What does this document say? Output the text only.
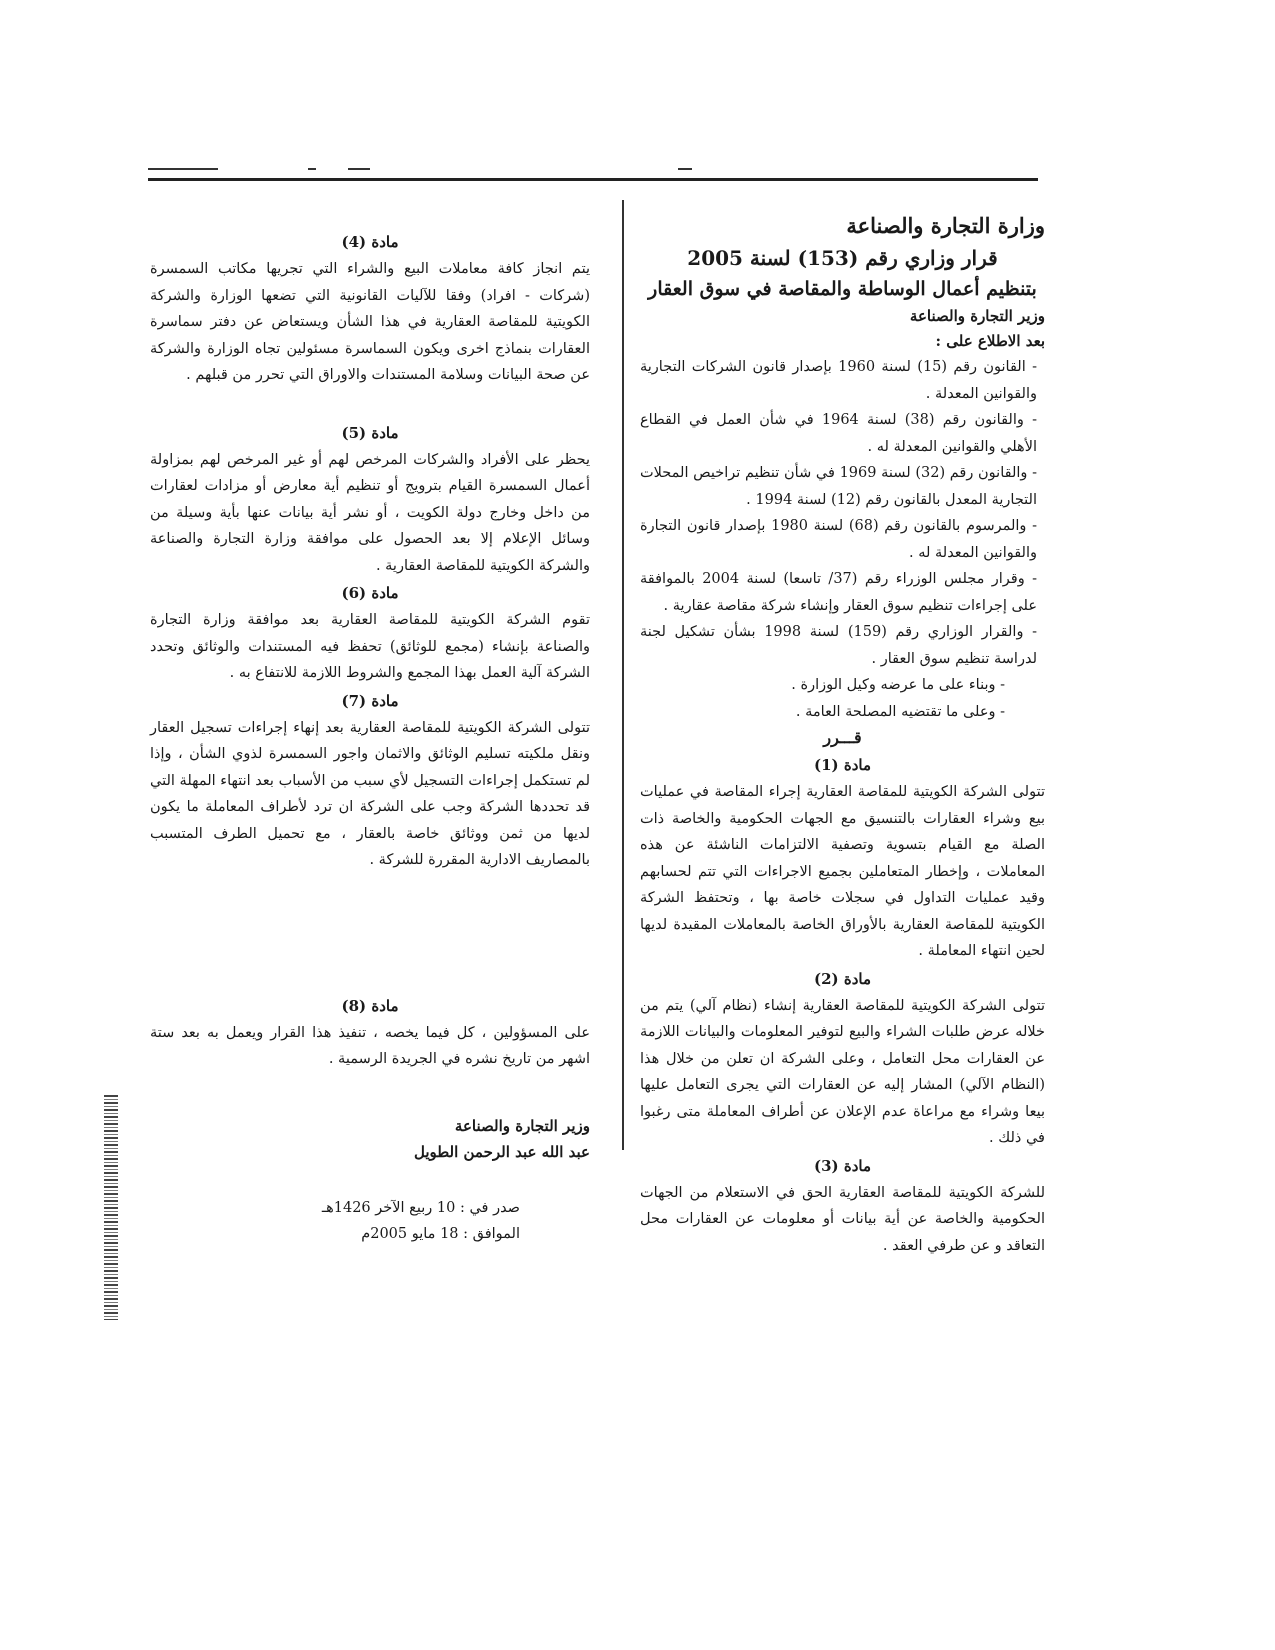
وزارة التجارة والصناعة
قرار وزاري رقم (153) لسنة 2005
بتنظيم أعمال الوساطة والمقاصة في سوق العقار
وزير التجارة والصناعة
بعد الاطلاع على :

- القانون رقم (15) لسنة 1960 بإصدار قانون الشركات التجارية والقوانين المعدلة .

- والقانون رقم (38) لسنة 1964 في شأن العمل في القطاع الأهلي والقوانين المعدلة له .

- والقانون رقم (32) لسنة 1969 في شأن تنظيم تراخيص المحلات التجارية المعدل بالقانون رقم (12) لسنة 1994 .

- والمرسوم بالقانون رقم (68) لسنة 1980 بإصدار قانون التجارة والقوانين المعدلة له .

- وقرار مجلس الوزراء رقم (37/ تاسعا) لسنة 2004 بالموافقة على إجراءات تنظيم سوق العقار وإنشاء شركة مقاصة عقارية .

- والقرار الوزاري رقم (159) لسنة 1998 بشأن تشكيل لجنة لدراسة تنظيم سوق العقار .

- وبناء على ما عرضه وكيل الوزارة .

- وعلى ما تقتضيه المصلحة العامة .

قـــرر
مادة (1)

تتولى الشركة الكويتية للمقاصة العقارية إجراء المقاصة في عمليات بيع وشراء العقارات بالتنسيق مع الجهات الحكومية والخاصة ذات الصلة مع القيام بتسوية وتصفية الالتزامات الناشئة عن هذه المعاملات ، وإخطار المتعاملين بجميع الاجراءات التي تتم لحسابهم وقيد عمليات التداول في سجلات خاصة بها ، وتحتفظ الشركة الكويتية للمقاصة العقارية بالأوراق الخاصة بالمعاملات المقيدة لديها لحين انتهاء المعاملة .

مادة (2)

تتولى الشركة الكويتية للمقاصة العقارية إنشاء (نظام آلي) يتم من خلاله عرض طلبات الشراء والبيع لتوفير المعلومات والبيانات اللازمة عن العقارات محل التعامل ، وعلى الشركة ان تعلن من خلال هذا (النظام الآلي) المشار إليه عن العقارات التي يجرى التعامل عليها بيعا وشراء مع مراعاة عدم الإعلان عن أطراف المعاملة متى رغبوا في ذلك .

مادة (3)

للشركة الكويتية للمقاصة العقارية الحق في الاستعلام من الجهات الحكومية والخاصة عن أية بيانات أو معلومات عن العقارات محل التعاقد و عن طرفي العقد .

مادة (4)

يتم انجاز كافة معاملات البيع والشراء التي تجريها مكاتب السمسرة (شركات - افراد) وفقا للآليات القانونية التي تضعها الوزارة والشركة الكويتية للمقاصة العقارية في هذا الشأن ويستعاض عن دفتر سماسرة العقارات بنماذج اخرى ويكون السماسرة مسئولين تجاه الوزارة والشركة عن صحة البيانات وسلامة المستندات والاوراق التي تحرر من قبلهم .

مادة (5)

يحظر على الأفراد والشركات المرخص لهم أو غير المرخص لهم بمزاولة أعمال السمسرة القيام بترويج أو تنظيم أية معارض أو مزادات لعقارات من داخل وخارج دولة الكويت ، أو نشر أية بيانات عنها بأية وسيلة من وسائل الإعلام إلا بعد الحصول على موافقة وزارة التجارة والصناعة والشركة الكويتية للمقاصة العقارية .

مادة (6)

تقوم الشركة الكويتية للمقاصة العقارية بعد موافقة وزارة التجارة والصناعة بإنشاء (مجمع للوثائق) تحفظ فيه المستندات والوثائق وتحدد الشركة آلية العمل بهذا المجمع والشروط اللازمة للانتفاع به .

مادة (7)

تتولى الشركة الكويتية للمقاصة العقارية بعد إنهاء إجراءات تسجيل العقار ونقل ملكيته تسليم الوثائق والاثمان واجور السمسرة لذوي الشأن ، وإذا لم تستكمل إجراءات التسجيل لأي سبب من الأسباب بعد انتهاء المهلة التي قد تحددها الشركة وجب على الشركة ان ترد لأطراف المعاملة ما يكون لديها من ثمن ووثائق خاصة بالعقار ، مع تحميل الطرف المتسبب بالمصاريف الادارية المقررة للشركة .

مادة (8)

على المسؤولين ، كل فيما يخصه ، تنفيذ هذا القرار ويعمل به بعد ستة اشهر من تاريخ نشره في الجريدة الرسمية .

وزير التجارة والصناعة
عبد الله عبد الرحمن الطويل
صدر في : 10 ربيع الآخر 1426هـ
الموافق : 18 مايو 2005م
